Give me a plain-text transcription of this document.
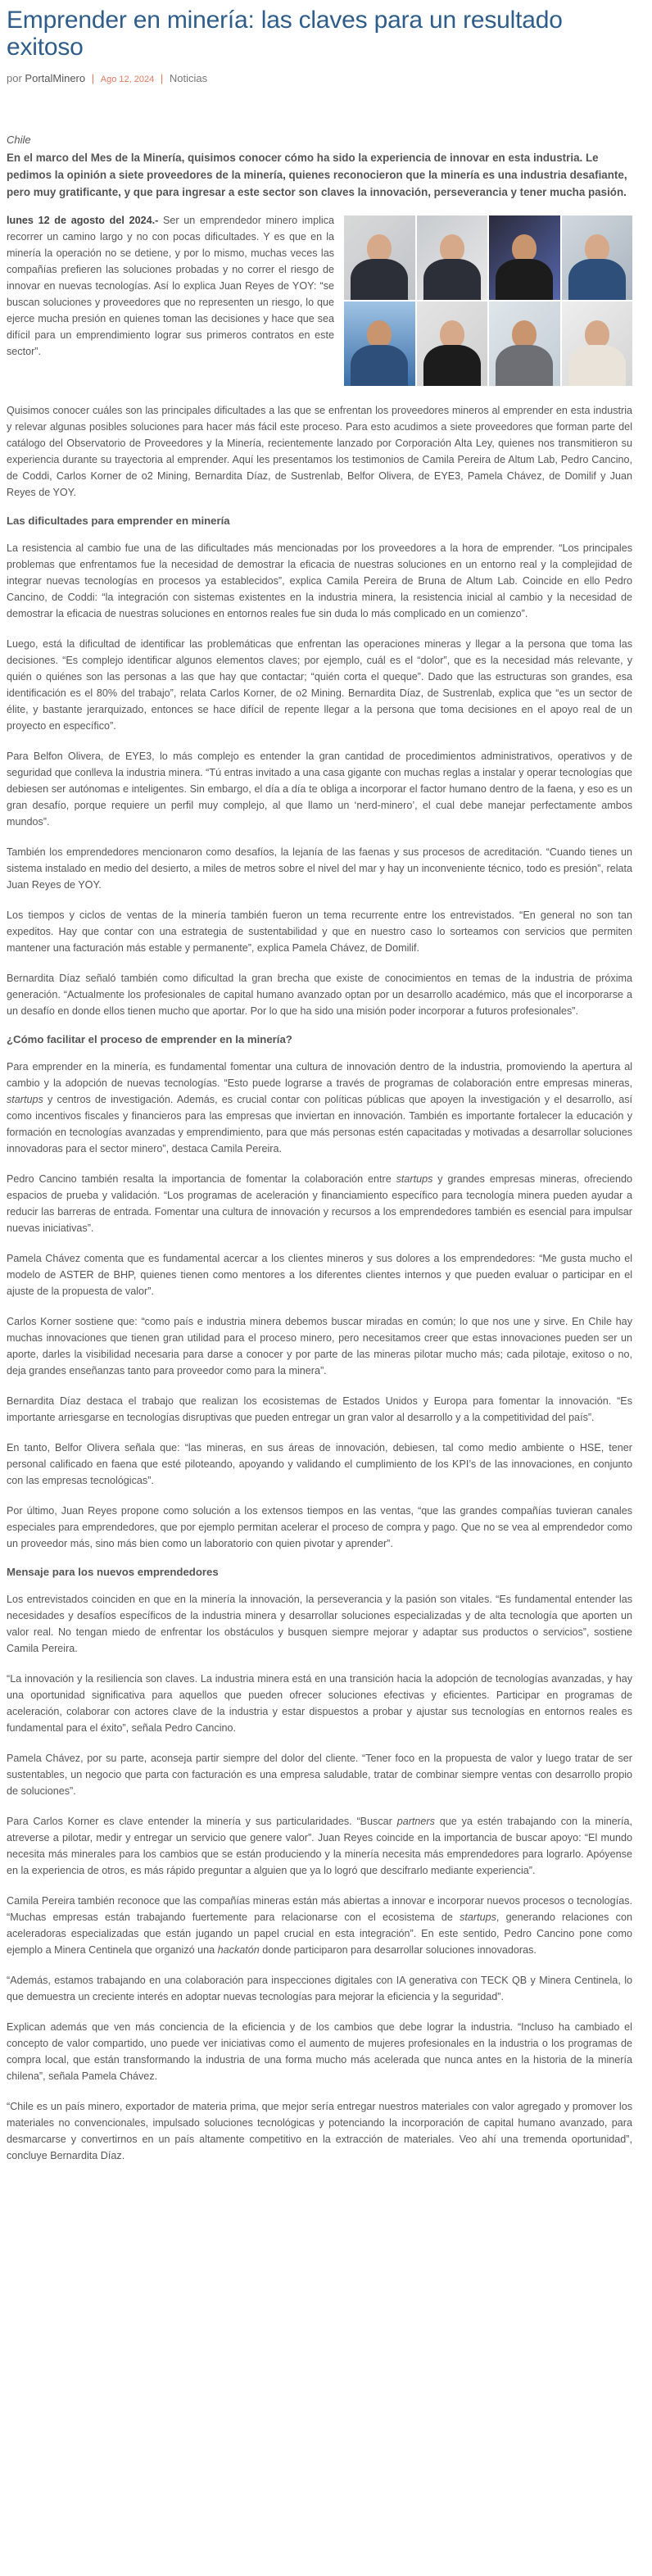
Emprender en minería: las claves para un resultado exitoso
por PortalMinero | Ago 12, 2024 | Noticias

Chile

En el marco del Mes de la Minería, quisimos conocer cómo ha sido la experiencia de innovar en esta industria. Le pedimos la opinión a siete proveedores de la minería, quienes reconocieron que la minería es una industria desafiante, pero muy gratificante, y que para ingresar a este sector son claves la innovación, perseverancia y tener mucha pasión.

lunes 12 de agosto del 2024.- Ser un emprendedor minero implica recorrer un camino largo y no con pocas dificultades. Y es que en la minería la operación no se detiene, y por lo mismo, muchas veces las compañías prefieren las soluciones probadas y no correr el riesgo de innovar en nuevas tecnologías. Así lo explica Juan Reyes de YOY: “se buscan soluciones y proveedores que no representen un riesgo, lo que ejerce mucha presión en quienes toman las decisiones y hace que sea difícil para un emprendimiento lograr sus primeros contratos en este sector”.

Quisimos conocer cuáles son las principales dificultades a las que se enfrentan los proveedores mineros al emprender en esta industria y relevar algunas posibles soluciones para hacer más fácil este proceso. Para esto acudimos a siete proveedores que forman parte del catálogo del Observatorio de Proveedores y la Minería, recientemente lanzado por Corporación Alta Ley, quienes nos transmitieron su experiencia durante su trayectoria al emprender. Aquí les presentamos los testimonios de Camila Pereira de Altum Lab, Pedro Cancino, de Coddi, Carlos Korner de o2 Mining, Bernardita Díaz, de Sustrenlab, Belfor Olivera, de EYE3, Pamela Chávez, de Domilif y Juan Reyes de YOY.

Las dificultades para emprender en minería

La resistencia al cambio fue una de las dificultades más mencionadas por los proveedores a la hora de emprender. “Los principales problemas que enfrentamos fue la necesidad de demostrar la eficacia de nuestras soluciones en un entorno real y la complejidad de integrar nuevas tecnologías en procesos ya establecidos”, explica Camila Pereira de Bruna de Altum Lab. Coincide en ello Pedro Cancino, de Coddi: “la integración con sistemas existentes en la industria minera, la resistencia inicial al cambio y la necesidad de demostrar la eficacia de nuestras soluciones en entornos reales fue sin duda lo más complicado en un comienzo”.

Luego, está la dificultad de identificar las problemáticas que enfrentan las operaciones mineras y llegar a la persona que toma las decisiones. “Es complejo identificar algunos elementos claves; por ejemplo, cuál es el “dolor”, que es la necesidad más relevante, y quién o quiénes son las personas a las que hay que contactar; “quién corta el queque”. Dado que las estructuras son grandes, esa identificación es el 80% del trabajo”, relata Carlos Korner, de o2 Mining. Bernardita Díaz, de Sustrenlab, explica que “es un sector de élite, y bastante jerarquizado, entonces se hace difícil de repente llegar a la persona que toma decisiones en el apoyo real de un proyecto en específico”.

Para Belfon Olivera, de EYE3, lo más complejo es entender la gran cantidad de procedimientos administrativos, operativos y de seguridad que conlleva la industria minera. “Tú entras invitado a una casa gigante con muchas reglas a instalar y operar tecnologías que debiesen ser autónomas e inteligentes. Sin embargo, el día a día te obliga a incorporar el factor humano dentro de la faena, y eso es un gran desafío, porque requiere un perfil muy complejo, al que llamo un ‘nerd-minero’, el cual debe manejar perfectamente ambos mundos”.

También los emprendedores mencionaron como desafíos, la lejanía de las faenas y sus procesos de acreditación. “Cuando tienes un sistema instalado en medio del desierto, a miles de metros sobre el nivel del mar y hay un inconveniente técnico, todo es presión”, relata Juan Reyes de YOY.

Los tiempos y ciclos de ventas de la minería también fueron un tema recurrente entre los entrevistados. “En general no son tan expeditos. Hay que contar con una estrategia de sustentabilidad y que en nuestro caso lo sorteamos con servicios que permiten mantener una facturación más estable y permanente”, explica Pamela Chávez, de Domilif.

Bernardita Díaz señaló también como dificultad la gran brecha que existe de conocimientos en temas de la industria de próxima generación. “Actualmente los profesionales de capital humano avanzado optan por un desarrollo académico, más que el incorporarse a un desafío en donde ellos tienen mucho que aportar. Por lo que ha sido una misión poder incorporar a futuros profesionales”.

¿Cómo facilitar el proceso de emprender en la minería?

Para emprender en la minería, es fundamental fomentar una cultura de innovación dentro de la industria, promoviendo la apertura al cambio y la adopción de nuevas tecnologías. “Esto puede lograrse a través de programas de colaboración entre empresas mineras, startups y centros de investigación. Además, es crucial contar con políticas públicas que apoyen la investigación y el desarrollo, así como incentivos fiscales y financieros para las empresas que inviertan en innovación. También es importante fortalecer la educación y formación en tecnologías avanzadas y emprendimiento, para que más personas estén capacitadas y motivadas a desarrollar soluciones innovadoras para el sector minero”, destaca Camila Pereira.

Pedro Cancino también resalta la importancia de fomentar la colaboración entre startups y grandes empresas mineras, ofreciendo espacios de prueba y validación. “Los programas de aceleración y financiamiento específico para tecnología minera pueden ayudar a reducir las barreras de entrada. Fomentar una cultura de innovación y recursos a los emprendedores también es esencial para impulsar nuevas iniciativas”.

Pamela Chávez comenta que es fundamental acercar a los clientes mineros y sus dolores a los emprendedores: “Me gusta mucho el modelo de ASTER de BHP, quienes tienen como mentores a los diferentes clientes internos y que pueden evaluar o participar en el ajuste de la propuesta de valor”.

Carlos Korner sostiene que: “como país e industria minera debemos buscar miradas en común; lo que nos une y sirve. En Chile hay muchas innovaciones que tienen gran utilidad para el proceso minero, pero necesitamos creer que estas innovaciones pueden ser un aporte, darles la visibilidad necesaria para darse a conocer y por parte de las mineras pilotar mucho más; cada pilotaje, exitoso o no, deja grandes enseñanzas tanto para proveedor como para la minera”.

Bernardita Díaz destaca el trabajo que realizan los ecosistemas de Estados Unidos y Europa para fomentar la innovación. “Es importante arriesgarse en tecnologías disruptivas que pueden entregar un gran valor al desarrollo y a la competitividad del país”.

En tanto, Belfor Olivera señala que: “las mineras, en sus áreas de innovación, debiesen, tal como medio ambiente o HSE, tener personal calificado en faena que esté piloteando, apoyando y validando el cumplimiento de los KPI’s de las innovaciones, en conjunto con las empresas tecnológicas”.

Por último, Juan Reyes propone como solución a los extensos tiempos en las ventas, “que las grandes compañías tuvieran canales especiales para emprendedores, que por ejemplo permitan acelerar el proceso de compra y pago. Que no se vea al emprendedor como un proveedor más, sino más bien como un laboratorio con quien pivotar y aprender”.

Mensaje para los nuevos emprendedores

Los entrevistados coinciden en que en la minería la innovación, la perseverancia y la pasión son vitales. “Es fundamental entender las necesidades y desafíos específicos de la industria minera y desarrollar soluciones especializadas y de alta tecnología que aporten un valor real. No tengan miedo de enfrentar los obstáculos y busquen siempre mejorar y adaptar sus productos o servicios”, sostiene Camila Pereira.

“La innovación y la resiliencia son claves. La industria minera está en una transición hacia la adopción de tecnologías avanzadas, y hay una oportunidad significativa para aquellos que pueden ofrecer soluciones efectivas y eficientes. Participar en programas de aceleración, colaborar con actores clave de la industria y estar dispuestos a probar y ajustar sus tecnologías en entornos reales es fundamental para el éxito”, señala Pedro Cancino.

Pamela Chávez, por su parte, aconseja partir siempre del dolor del cliente. “Tener foco en la propuesta de valor y luego tratar de ser sustentables, un negocio que parta con facturación es una empresa saludable, tratar de combinar siempre ventas con desarrollo propio de soluciones”.

Para Carlos Korner es clave entender la minería y sus particularidades. “Buscar partners que ya estén trabajando con la minería, atreverse a pilotar, medir y entregar un servicio que genere valor”. Juan Reyes coincide en la importancia de buscar apoyo: “El mundo necesita más minerales para los cambios que se están produciendo y la minería necesita más emprendedores para lograrlo. Apóyense en la experiencia de otros, es más rápido preguntar a alguien que ya lo logró que descifrarlo mediante experiencia”.

Camila Pereira también reconoce que las compañías mineras están más abiertas a innovar e incorporar nuevos procesos o tecnologías. “Muchas empresas están trabajando fuertemente para relacionarse con el ecosistema de startups, generando relaciones con aceleradoras especializadas que están jugando un papel crucial en esta integración”. En este sentido, Pedro Cancino pone como ejemplo a Minera Centinela que organizó una hackatón donde participaron para desarrollar soluciones innovadoras.

“Además, estamos trabajando en una colaboración para inspecciones digitales con IA generativa con TECK QB y Minera Centinela, lo que demuestra un creciente interés en adoptar nuevas tecnologías para mejorar la eficiencia y la seguridad”.

Explican además que ven más conciencia de la eficiencia y de los cambios que debe lograr la industria. “Incluso ha cambiado el concepto de valor compartido, uno puede ver iniciativas como el aumento de mujeres profesionales en la industria o los programas de compra local, que están transformando la industria de una forma mucho más acelerada que nunca antes en la historia de la minería chilena”, señala Pamela Chávez.

“Chile es un país minero, exportador de materia prima, que mejor sería entregar nuestros materiales con valor agregado y promover los materiales no convencionales, impulsado soluciones tecnológicas y potenciando la incorporación de capital humano avanzado, para desmarcarse y convertirnos en un país altamente competitivo en la extracción de materiales. Veo ahí una tremenda oportunidad”, concluye Bernardita Díaz.
